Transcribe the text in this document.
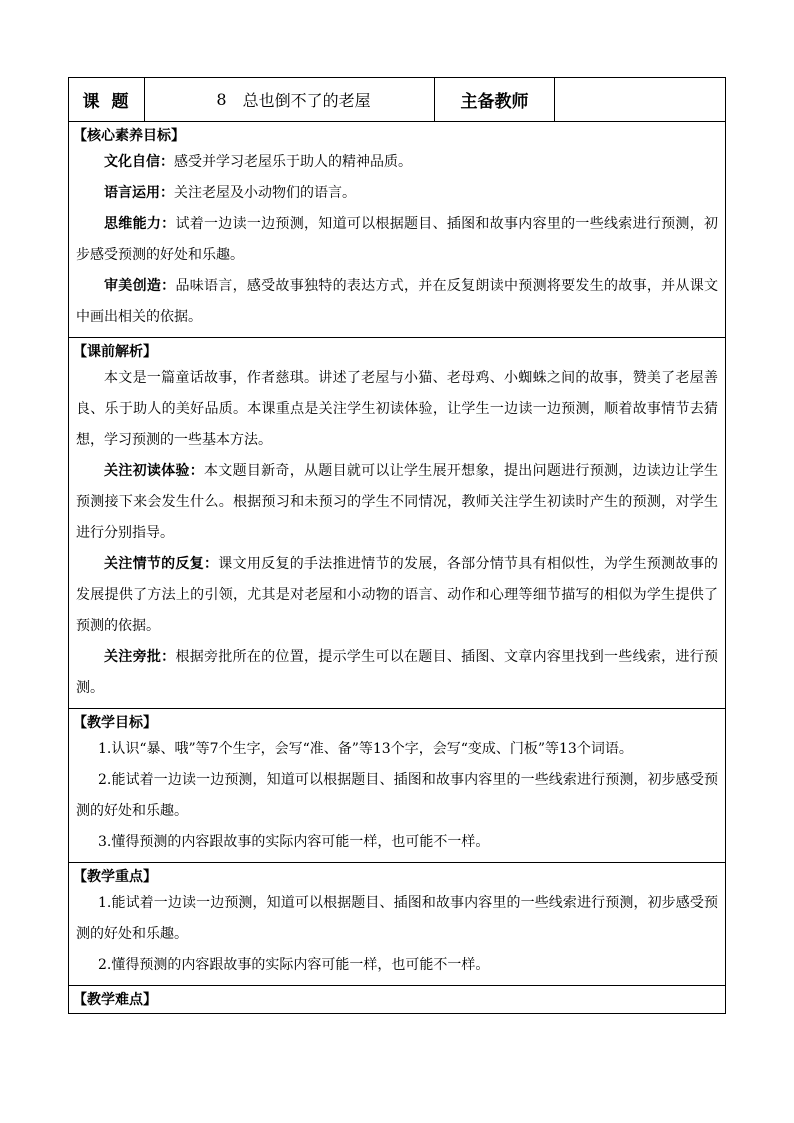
课题	8 总也倒不了的老屋	主备教师
【核心素养目标】
文化自信：感受并学习老屋乐于助人的精神品质。
语言运用：关注老屋及小动物们的语言。
思维能力：试着一边读一边预测，知道可以根据题目、插图和故事内容里的一些线索进行预测，初步感受预测的好处和乐趣。
审美创造：品味语言，感受故事独特的表达方式，并在反复朗读中预测将要发生的故事，并从课文中画出相关的依据。
【课前解析】
本文是一篇童话故事，作者慈琪。讲述了老屋与小猫、老母鸡、小蜘蛛之间的故事，赞美了老屋善良、乐于助人的美好品质。本课重点是关注学生初读体验，让学生一边读一边预测，顺着故事情节去猜想，学习预测的一些基本方法。
关注初读体验：本文题目新奇，从题目就可以让学生展开想象，提出问题进行预测，边读边让学生预测接下来会发生什么。根据预习和未预习的学生不同情况，教师关注学生初读时产生的预测，对学生进行分别指导。
关注情节的反复：课文用反复的手法推进情节的发展，各部分情节具有相似性，为学生预测故事的发展提供了方法上的引领，尤其是对老屋和小动物的语言、动作和心理等细节描写的相似为学生提供了预测的依据。
关注旁批：根据旁批所在的位置，提示学生可以在题目、插图、文章内容里找到一些线索，进行预测。
【教学目标】
1.认识“暴、哦”等7个生字，会写“准、备”等13个字，会写“变成、门板”等13个词语。
2.能试着一边读一边预测，知道可以根据题目、插图和故事内容里的一些线索进行预测，初步感受预测的好处和乐趣。
3.懂得预测的内容跟故事的实际内容可能一样，也可能不一样。
【教学重点】
1.能试着一边读一边预测，知道可以根据题目、插图和故事内容里的一些线索进行预测，初步感受预测的好处和乐趣。
2.懂得预测的内容跟故事的实际内容可能一样，也可能不一样。
【教学难点】
